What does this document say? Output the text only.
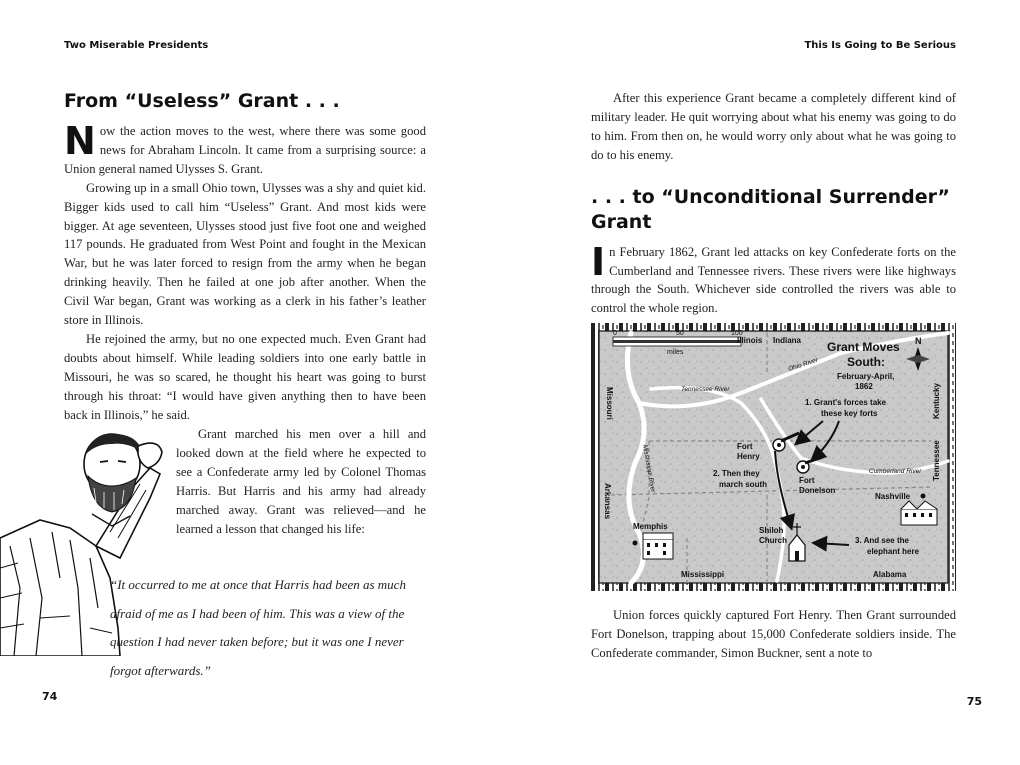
Two Miserable Presidents
From “Useless” Grant . . .

Now the action moves to the west, where there was some good news for Abraham Lincoln. It came from a surprising source: a Union general named Ulysses S. Grant.

Growing up in a small Ohio town, Ulysses was a shy and quiet kid. Bigger kids used to call him “Useless” Grant. And most kids were bigger. At age seventeen, Ulysses stood just five foot one and weighed 117 pounds. He graduated from West Point and fought in the Mexican War, but he was later forced to resign from the army when he began drinking heavily. Then he failed at one job after another. When the Civil War began, Grant was working as a clerk in his father’s leather store in Illinois.

He rejoined the army, but no one expected much. Even Grant had doubts about himself. While leading soldiers into one early battle in Missouri, he was so scared, he thought his heart was going to burst through his throat: “I would have given anything then to have been back in Illinois,” he said.

Grant marched his men over a hill and looked down at the field where he expected to see a Confederate army led by Colonel Thomas Harris. But Harris and his army had already marched away. Grant was relieved—and he learned a lesson that changed his life:

“It occurred to me at once that Harris had been as much afraid of me as I had been of him. This was a view of the question I had never taken before; but it was one I never forgot afterwards.”

74
This Is Going to Be Serious

After this experience Grant became a completely different kind of military leader. He quit worrying about what his enemy was going to do to him. From then on, he would worry only about what he was going to do to his enemy.

. . . to “Unconditional Surrender”
Grant

In February 1862, Grant led attacks on key Confederate forts on the Cumberland and Tennessee rivers. These rivers were like highways through the South. Whichever side controlled the rivers was able to control the whole region.

0	50	100
miles
Illinois Indiana
Missouri	Kentucky
Tennessee
Arkansas
Mississippi	Alabama
Ohio River
Tennessee River
Mississippi River	Cumberland River
Grant Moves
South:
February-April,
1862
N
1. Grant's forces take
these key forts
2. Then they
march south
3. And see the
elephant here
Fort
Henry
Fort
Donelson
Nashville
Memphis	Shiloh
Church

Union forces quickly captured Fort Henry. Then Grant surrounded Fort Donelson, trapping about 15,000 Confederate soldiers inside. The Confederate commander, Simon Buckner, sent a note to

75
